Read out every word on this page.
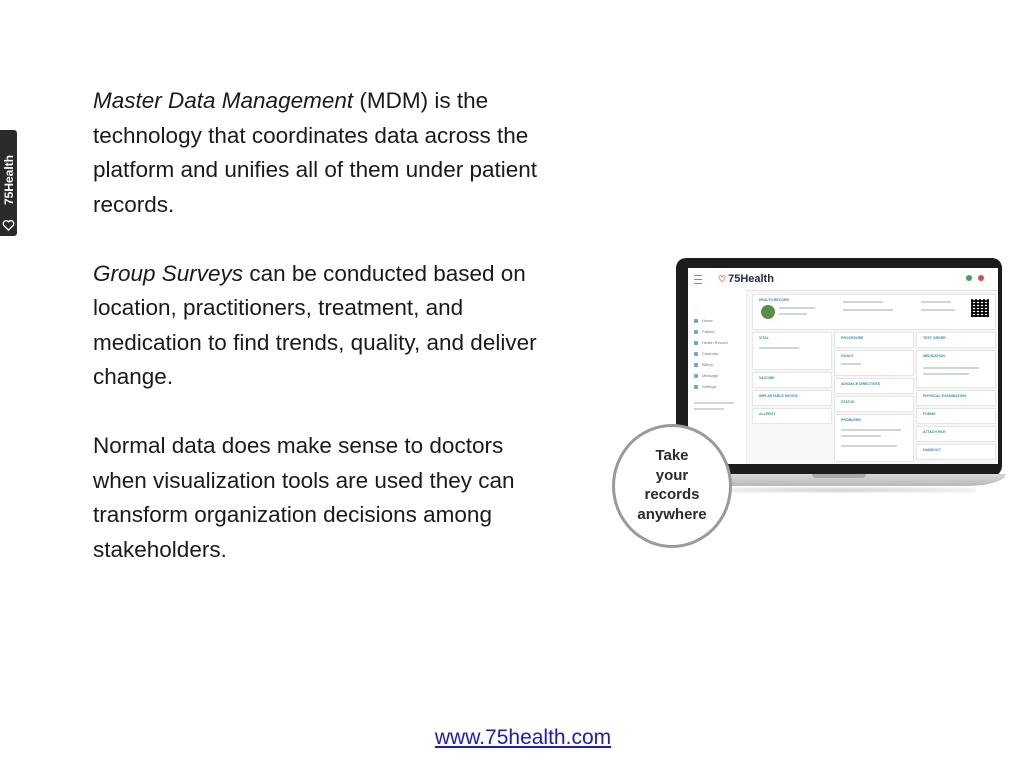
75Health

Master Data Management (MDM) is the technology that coordinates data across the platform and unifies all of them under patient records.

Group Surveys can be conducted based on location, practitioners, treatment, and medication to find trends, quality, and deliver change.

Normal data does make sense to doctors when visualization tools are used they can transform organization decisions among stakeholders.

♡ 75Health
Home
Patient
Health Record
Calendar
Billing
Message
Settings
HEALTH RECORD
VITAL	PROCEDURE	TEST ORDER
MEDICATION
GOALS
VACCINE
ADVANCE DIRECTIVES
PHYSICAL EXAMINATION
IMPLANTABLE DEVICE
STATUS
FORMS
ALLERGY
PROBLEMS
ATTACH FILE
HANDOUT
Take
your
records
anywhere
www.75health.com
